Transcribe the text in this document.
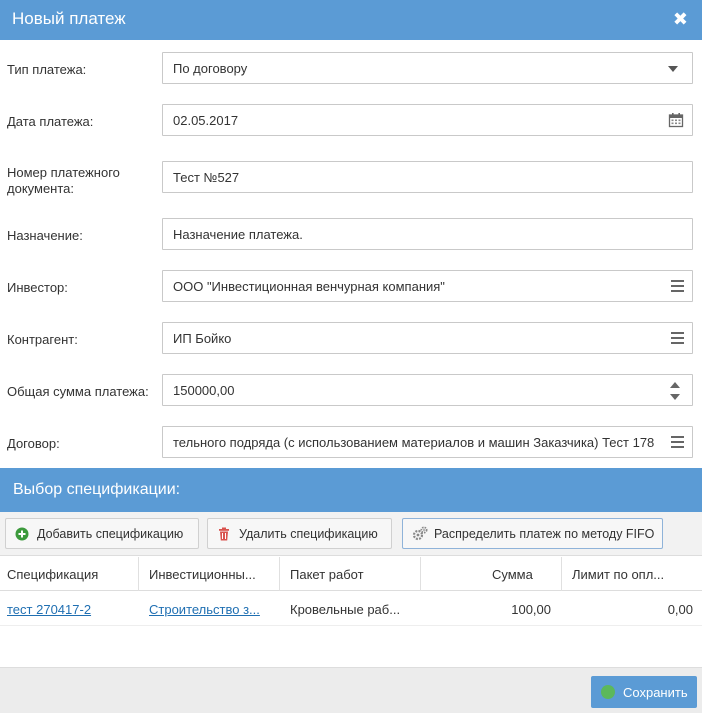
Новый платеж	✖
Тип платежа:	По договору
Дата платежа:	02.05.2017
Номер платежного документа:
Тест №527
Назначение:	Назначение платежа.
Инвестор:	ООО "Инвестиционная венчурная компания"
Контрагент:	ИП Бойко
Общая сумма платежа:	150000,00
Договор:	тельного подряда (с использованием материалов и машин Заказчика) Тест 178
Выбор спецификации:
Добавить спецификацию	Удалить спецификацию	Распределить платеж по методу FIFO
Спецификация	Инвестиционны...	Пакет работ	Сумма	Лимит по опл...
тест 270417-2	Строительство з...	Кровельные раб...	100,00	0,00
Сохранить
